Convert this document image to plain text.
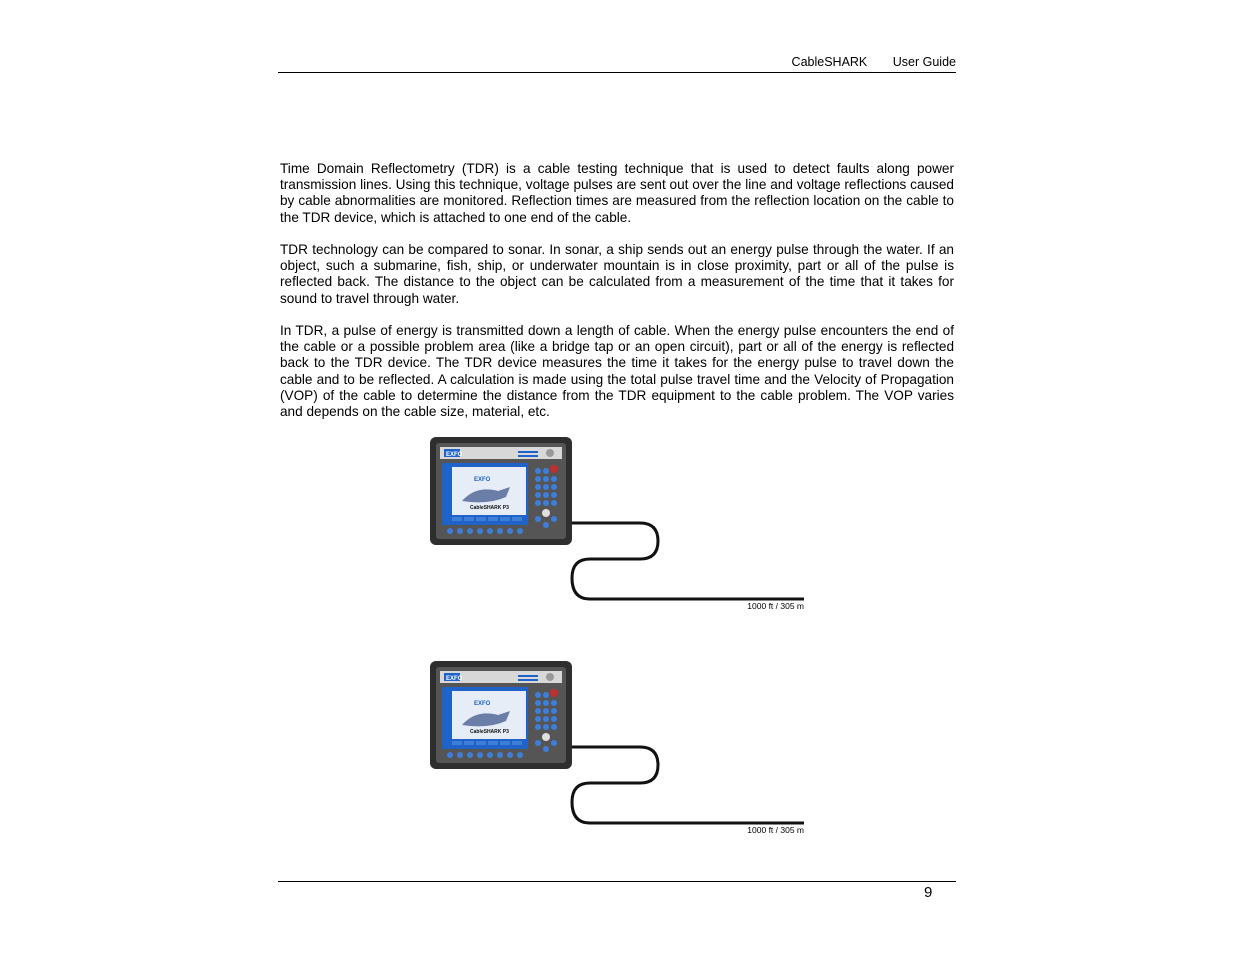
CableSHARK User Guide

Time Domain Reflectometry (TDR) is a cable testing technique that is used to detect faults along power transmission lines. Using this technique, voltage pulses are sent out over the line and voltage reflections caused by cable abnormalities are monitored. Reflection times are measured from the reflection location on the cable to the TDR device, which is attached to one end of the cable.

TDR technology can be compared to sonar. In sonar, a ship sends out an energy pulse through the water. If an object, such a submarine, fish, ship, or underwater mountain is in close proximity, part or all of the pulse is reflected back. The distance to the object can be calculated from a measurement of the time that it takes for sound to travel through water.

In TDR, a pulse of energy is transmitted down a length of cable. When the energy pulse encounters the end of the cable or a possible problem area (like a bridge tap or an open circuit), part or all of the energy is reflected back to the TDR device. The TDR device measures the time it takes for the energy pulse to travel down the cable and to be reflected. A calculation is made using the total pulse travel time and the Velocity of Propagation (VOP) of the cable to determine the distance from the TDR equipment to the cable problem. The VOP varies and depends on the cable size, material, etc.

EXFO
EXFO
CableSHARK P3
1000 ft / 305 m
EXFO
EXFO
CableSHARK P3
1000 ft / 305 m
9
